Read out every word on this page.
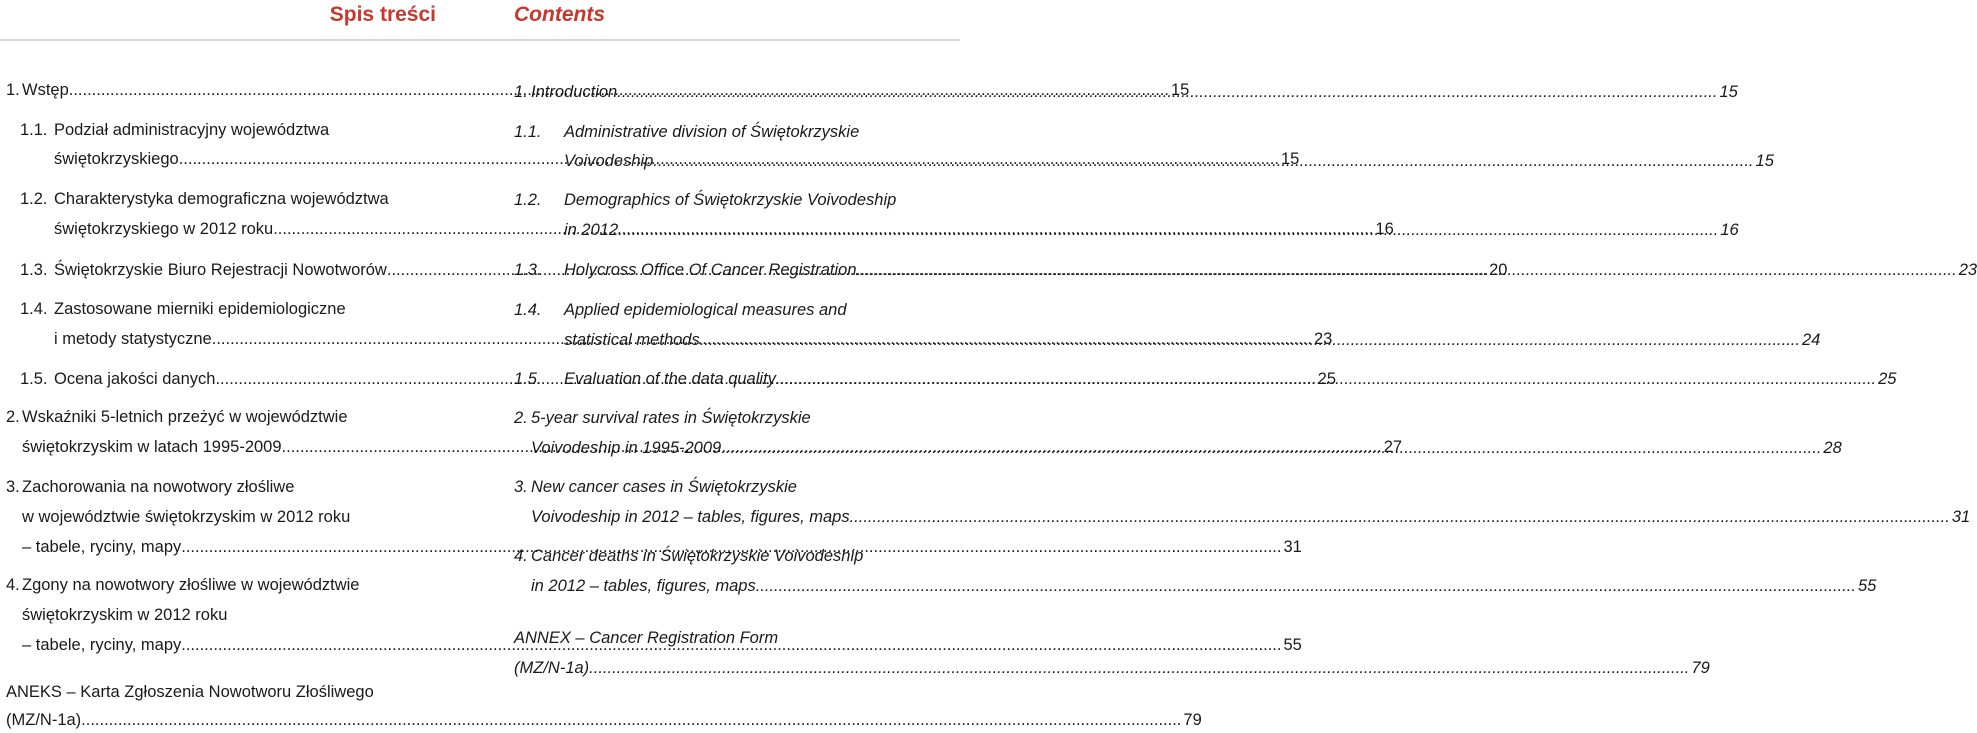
Spis treści	Contents
1. Wstęp .....	15
1.1. Podział administracyjny województwa
świętokrzyskiego .....	15
1.2. Charakterystyka demograficzna województwa
świętokrzyskiego w 2012 roku .....	16
1.3. Świętokrzyskie Biuro Rejestracji Nowotworów .....	20
1.4. Zastosowane mierniki epidemiologiczne
i metody statystyczne .....	23
1.5. Ocena jakości danych .....	25
2. Wskaźniki 5-letnich przeżyć w województwie
świętokrzyskim w latach 1995-2009 .....	27
3. Zachorowania na nowotwory złośliwe
w województwie świętokrzyskim w 2012 roku
– tabele, ryciny, mapy .....	31
4. Zgony na nowotwory złośliwe w województwie
świętokrzyskim w 2012 roku
– tabele, ryciny, mapy .....	55
ANEKS – Karta Zgłoszenia Nowotworu Złośliwego
(MZ/N-1a) .....	79
1. Introduction .....	15
1.1.	Administrative division of Świętokrzyskie
Voivodeship .....	15
1.2.	Demographics of Świętokrzyskie Voivodeship
in 2012 .....	16
1.3.	Holycross Office Of Cancer Registration .....	23
1.4.	Applied epidemiological measures and
statistical methods .....	24
1.5.	Evaluation of the data quality .....	25
2. 5-year survival rates in Świętokrzyskie
Voivodeship in 1995-2009 .....	28
3. New cancer cases in Świętokrzyskie
Voivodeship in 2012 – tables, figures, maps .....	31
4. Cancer deaths in Świętokrzyskie Voivodeship
in 2012 – tables, figures, maps .....	55
ANNEX – Cancer Registration Form
(MZ/N-1a) .....	79
